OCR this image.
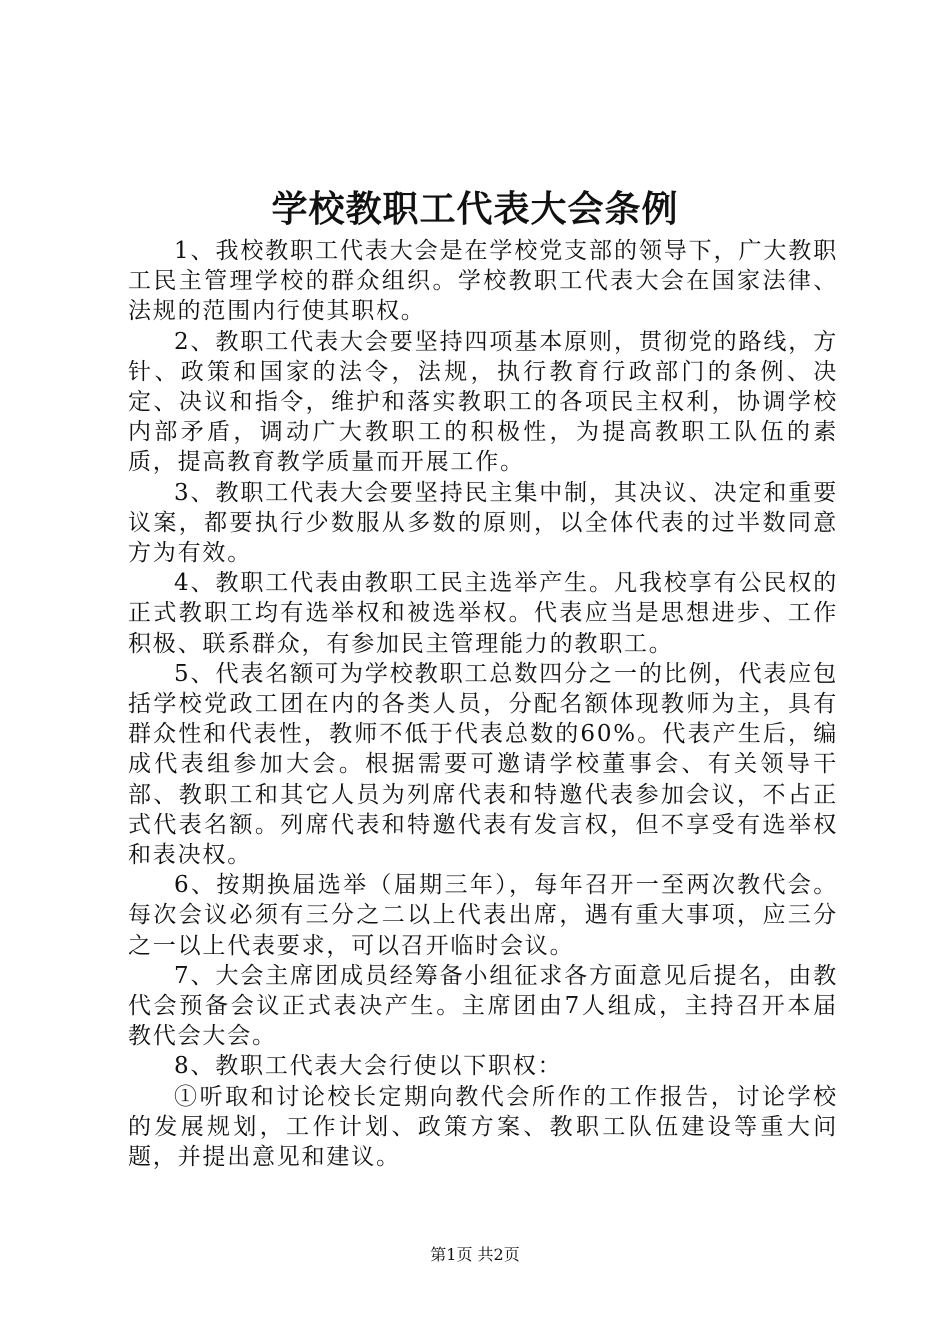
学校教职工代表大会条例

1、我校教职工代表大会是在学校党支部的领导下，广大教职工民主管理学校的群众组织。学校教职工代表大会在国家法律、法规的范围内行使其职权。

2、教职工代表大会要坚持四项基本原则，贯彻党的路线，方针、政策和国家的法令，法规，执行教育行政部门的条例、决定、决议和指令，维护和落实教职工的各项民主权利，协调学校内部矛盾，调动广大教职工的积极性，为提高教职工队伍的素质，提高教育教学质量而开展工作。

3、教职工代表大会要坚持民主集中制，其决议、决定和重要议案，都要执行少数服从多数的原则，以全体代表的过半数同意方为有效。

4、教职工代表由教职工民主选举产生。凡我校享有公民权的正式教职工均有选举权和被选举权。代表应当是思想进步、工作积极、联系群众，有参加民主管理能力的教职工。

5、代表名额可为学校教职工总数四分之一的比例，代表应包括学校党政工团在内的各类人员，分配名额体现教师为主，具有群众性和代表性，教师不低于代表总数的60%。代表产生后，编成代表组参加大会。根据需要可邀请学校董事会、有关领导干部、教职工和其它人员为列席代表和特邀代表参加会议，不占正式代表名额。列席代表和特邀代表有发言权，但不享受有选举权和表决权。

6、按期换届选举（届期三年），每年召开一至两次教代会。每次会议必须有三分之二以上代表出席，遇有重大事项，应三分之一以上代表要求，可以召开临时会议。

7、大会主席团成员经筹备小组征求各方面意见后提名，由教代会预备会议正式表决产生。主席团由7人组成，主持召开本届教代会大会。

8、教职工代表大会行使以下职权：

①听取和讨论校长定期向教代会所作的工作报告，讨论学校的发展规划，工作计划、政策方案、教职工队伍建设等重大问题，并提出意见和建议。

第1页 共2页
